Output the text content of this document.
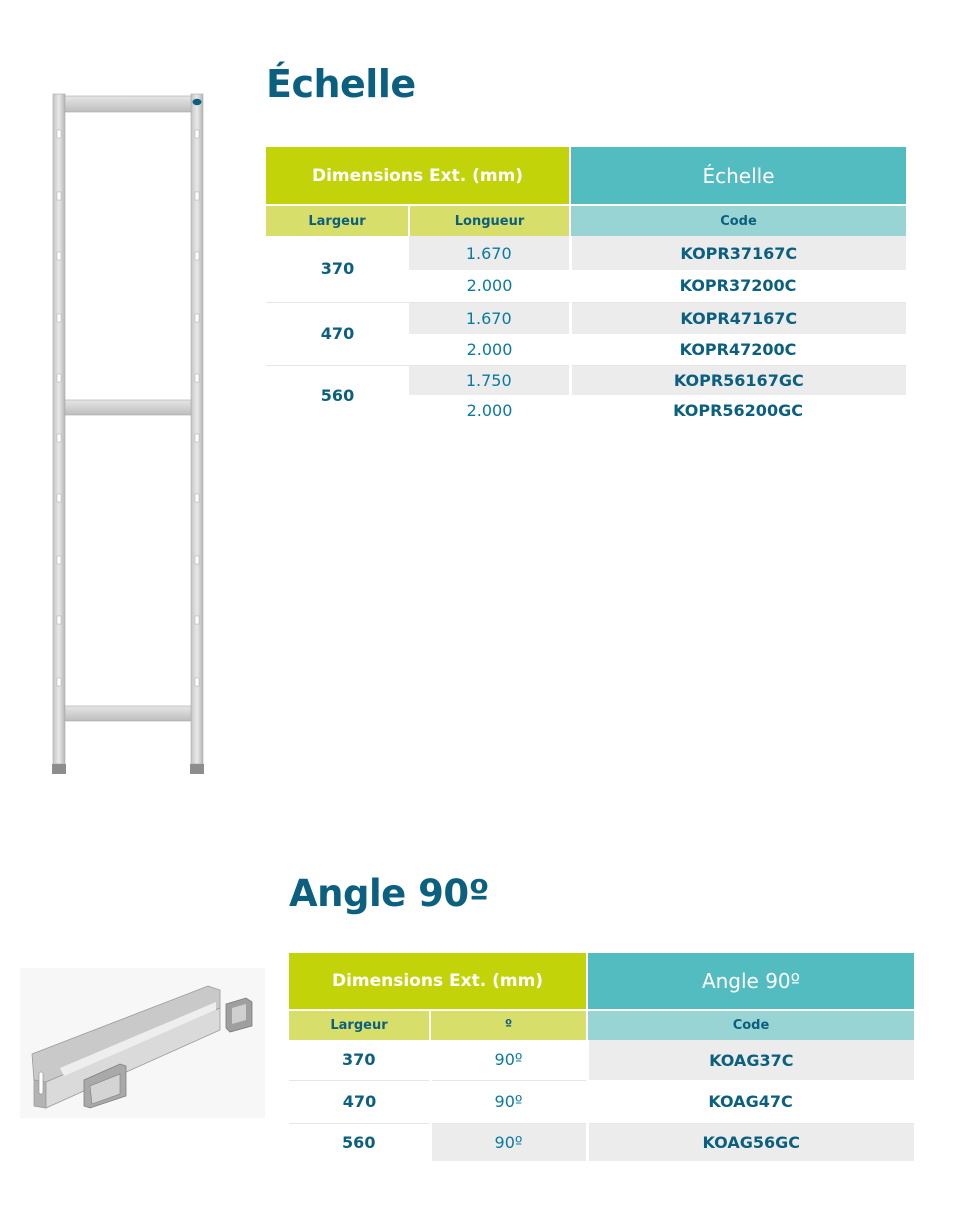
Échelle
Dimensions Ext. (mm)		Échelle
Largeur	Longueur	Code
370	1.670	KOPR37167C
	2.000	KOPR37200C
470	1.670	KOPR47167C
	2.000	KOPR47200C
560	1.750	KOPR56167GC
	2.000	KOPR56200GC
Angle 90º
Dimensions Ext. (mm)		Angle 90º
Largeur	º	Code
370	90º	KOAG37C
470	90º	KOAG47C
560	90º	KOAG56GC
